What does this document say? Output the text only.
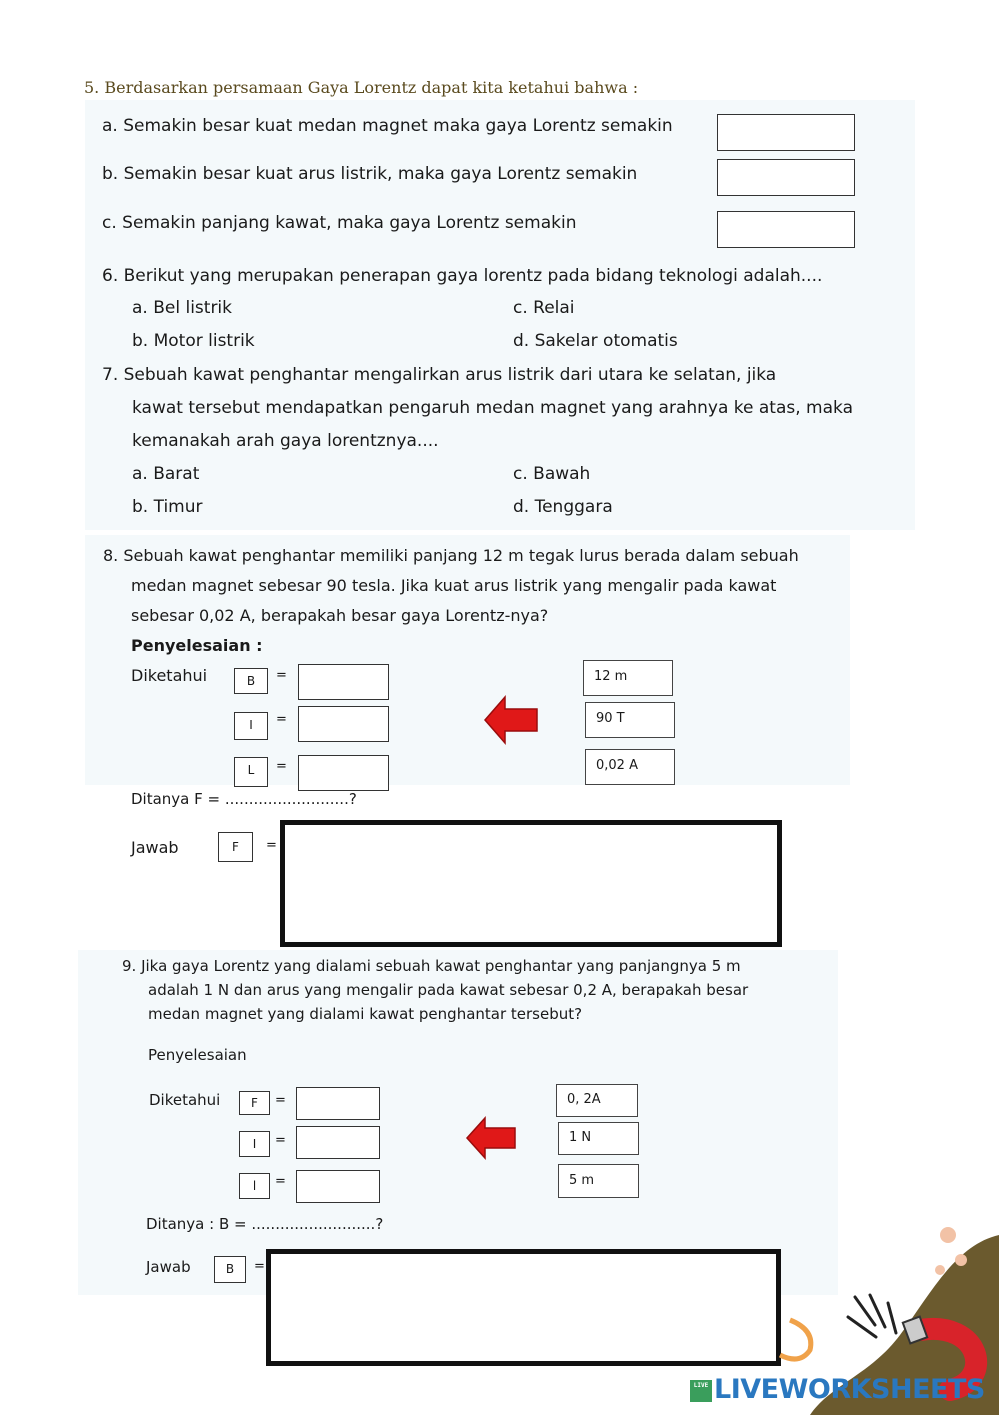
5. Berdasarkan persamaan Gaya Lorentz dapat kita ketahui bahwa :
a. Semakin besar kuat medan magnet maka gaya Lorentz semakin
b. Semakin besar kuat arus listrik, maka gaya Lorentz semakin
c. Semakin panjang kawat, maka gaya Lorentz semakin
6. Berikut yang merupakan penerapan gaya lorentz pada bidang teknologi adalah....
a. Bel listrik
b. Motor listrik
c. Relai
d. Sakelar otomatis
7. Sebuah kawat penghantar mengalirkan arus listrik dari utara ke selatan, jika
kawat tersebut mendapatkan pengaruh medan magnet yang arahnya ke atas, maka
kemanakah arah gaya lorentznya....
a. Barat
b. Timur
c. Bawah
d. Tenggara
8. Sebuah kawat penghantar memiliki panjang 12 m tegak lurus berada dalam sebuah
medan magnet sebesar 90 tesla. Jika kuat arus listrik yang mengalir pada kawat
sebesar 0,02 A, berapakah besar gaya Lorentz-nya?
Penyelesaian :
Diketahui	B	=
I	=
L	=
12 m
90 T
0,02 A
Ditanya F = ..........................?
Jawab	F	=
9. Jika gaya Lorentz yang dialami sebuah kawat penghantar yang panjangnya 5 m
adalah 1 N dan arus yang mengalir pada kawat sebesar 0,2 A, berapakah besar
medan magnet yang dialami kawat penghantar tersebut?
Penyelesaian
Diketahui	F	=
I	=
l	=
0, 2A
1 N
5 m
Ditanya : B = ..........................?
Jawab	B	=
LIVE LIVEWORKSHEETS
